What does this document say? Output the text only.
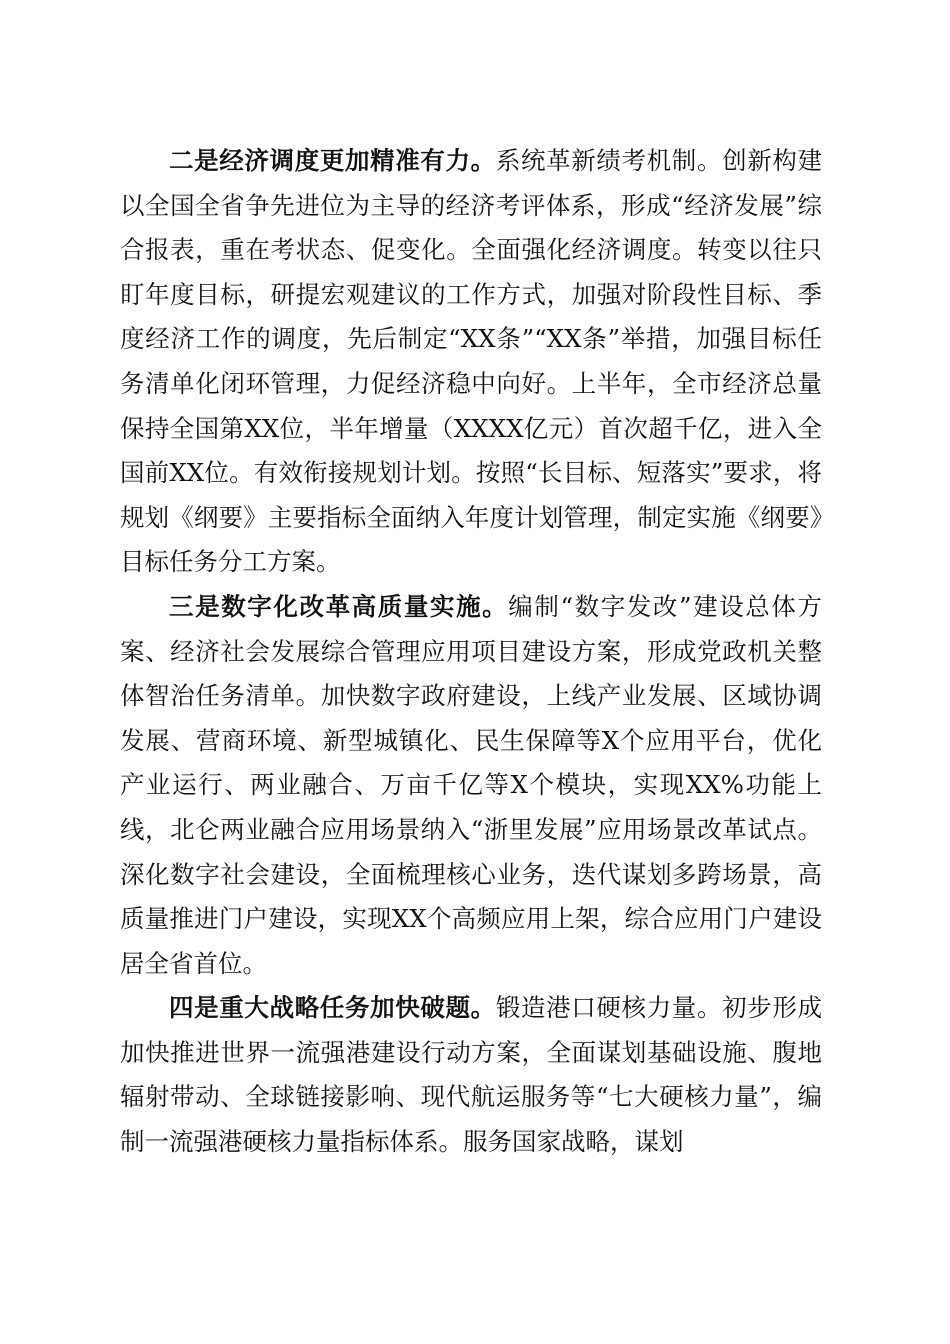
二是经济调度更加精准有力。系统革新绩考机制。创新构建以全国全省争先进位为主导的经济考评体系，形成“经济发展”综合报表，重在考状态、促变化。全面强化经济调度。转变以往只盯年度目标，研提宏观建议的工作方式，加强对阶段性目标、季度经济工作的调度，先后制定“XX条”“XX条”举措，加强目标任务清单化闭环管理，力促经济稳中向好。上半年，全市经济总量保持全国第XX位，半年增量（XXXX亿元）首次超千亿，进入全国前XX位。有效衔接规划计划。按照“长目标、短落实”要求，将规划《纲要》主要指标全面纳入年度计划管理，制定实施《纲要》目标任务分工方案。

三是数字化改革高质量实施。编制“数字发改”建设总体方案、经济社会发展综合管理应用项目建设方案，形成党政机关整体智治任务清单。加快数字政府建设，上线产业发展、区域协调发展、营商环境、新型城镇化、民生保障等X个应用平台，优化产业运行、两业融合、万亩千亿等X个模块，实现XX%功能上线，北仑两业融合应用场景纳入“浙里发展”应用场景改革试点。深化数字社会建设，全面梳理核心业务，迭代谋划多跨场景，高质量推进门户建设，实现XX个高频应用上架，综合应用门户建设居全省首位。

四是重大战略任务加快破题。锻造港口硬核力量。初步形成加快推进世界一流强港建设行动方案，全面谋划基础设施、腹地辐射带动、全球链接影响、现代航运服务等“七大硬核力量”，编制一流强港硬核力量指标体系。服务国家战略，谋划
